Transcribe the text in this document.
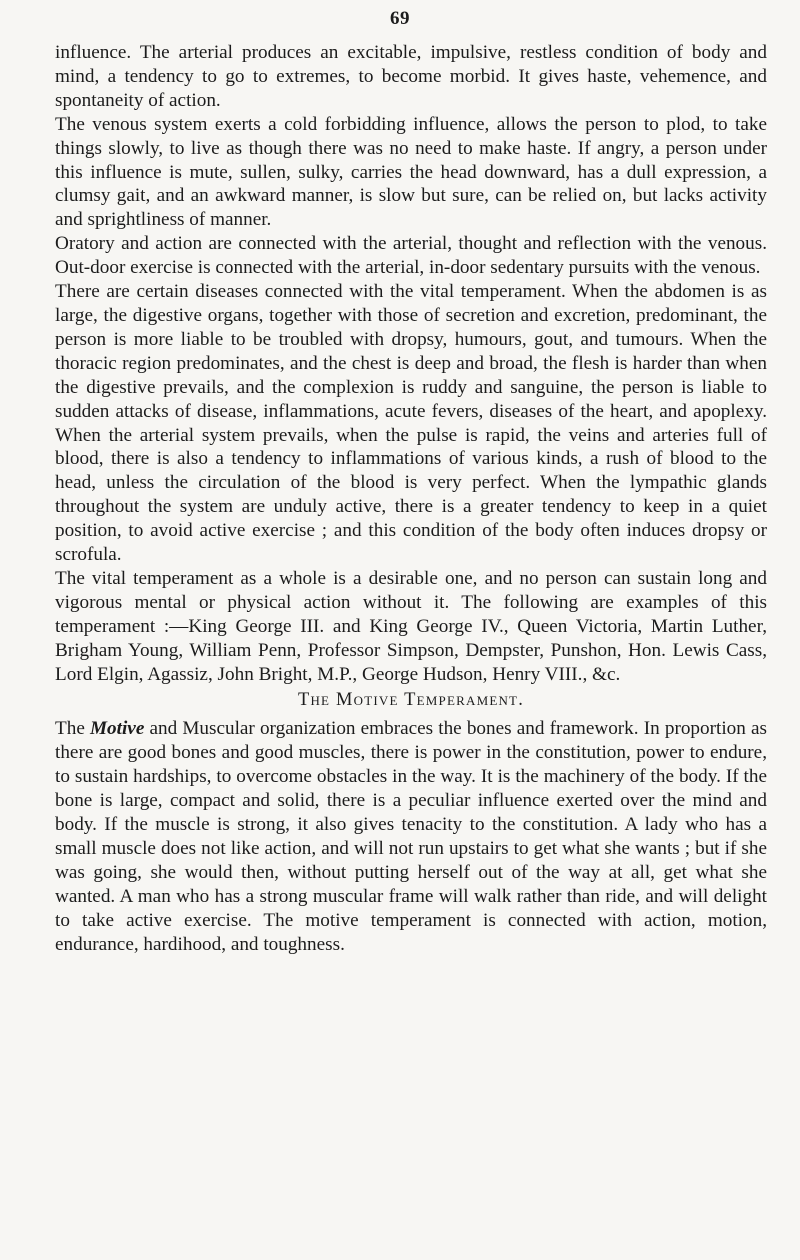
69

influence. The arterial produces an excitable, impulsive, restless condition of body and mind, a tendency to go to extremes, to become morbid. It gives haste, vehemence, and spontaneity of action.

The venous system exerts a cold forbidding influence, allows the person to plod, to take things slowly, to live as though there was no need to make haste. If angry, a person under this influence is mute, sullen, sulky, carries the head downward, has a dull expression, a clumsy gait, and an awkward manner, is slow but sure, can be relied on, but lacks activity and sprightliness of manner.

Oratory and action are connected with the arterial, thought and reflection with the venous. Out-door exercise is connected with the arterial, in-door sedentary pursuits with the venous.

There are certain diseases connected with the vital temperament. When the abdomen is as large, the digestive organs, together with those of secretion and excretion, predominant, the person is more liable to be troubled with dropsy, humours, gout, and tumours. When the thoracic region predominates, and the chest is deep and broad, the flesh is harder than when the digestive prevails, and the complexion is ruddy and sanguine, the person is liable to sudden attacks of disease, inflammations, acute fevers, diseases of the heart, and apoplexy. When the arterial system prevails, when the pulse is rapid, the veins and arteries full of blood, there is also a tendency to inflammations of various kinds, a rush of blood to the head, unless the circulation of the blood is very perfect. When the lympathic glands throughout the system are unduly active, there is a greater tendency to keep in a quiet position, to avoid active exercise ; and this condition of the body often induces dropsy or scrofula.

The vital temperament as a whole is a desirable one, and no person can sustain long and vigorous mental or physical action without it. The following are examples of this temperament :—King George III. and King George IV., Queen Victoria, Martin Luther, Brigham Young, William Penn, Professor Simpson, Dempster, Punshon, Hon. Lewis Cass, Lord Elgin, Agassiz, John Bright, M.P., George Hudson, Henry VIII., &c.

The Motive Temperament.

The Motive and Muscular organization embraces the bones and framework. In proportion as there are good bones and good muscles, there is power in the constitution, power to endure, to sustain hardships, to overcome obstacles in the way. It is the machinery of the body. If the bone is large, compact and solid, there is a peculiar influence exerted over the mind and body. If the muscle is strong, it also gives tenacity to the constitution. A lady who has a small muscle does not like action, and will not run upstairs to get what she wants ; but if she was going, she would then, without putting herself out of the way at all, get what she wanted. A man who has a strong muscular frame will walk rather than ride, and will delight to take active exercise. The motive temperament is connected with action, motion, endurance, hardihood, and toughness.
